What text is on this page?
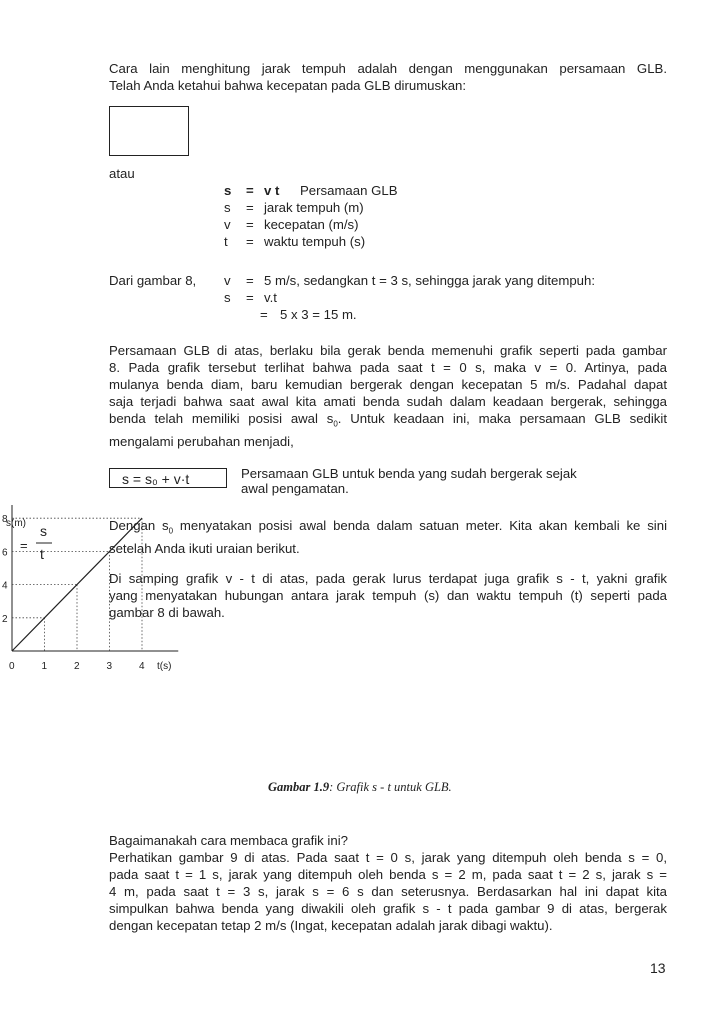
Cara lain menghitung jarak tempuh adalah dengan menggunakan persamaan GLB.
Telah Anda ketahui bahwa kecepatan pada GLB dirumuskan:
atau
s = v t Persamaan GLB
s = jarak tempuh (m)
v = kecepatan (m/s)
t = waktu tempuh (s)
Dari gambar 8, v = 5 m/s, sedangkan t = 3 s, sehingga jarak yang ditempuh:
s = v.t
= 5 x 3 = 15 m.
Persamaan GLB di atas, berlaku bila gerak benda memenuhi grafik seperti pada gambar
8. Pada grafik tersebut terlihat bahwa pada saat t = 0 s, maka v = 0. Artinya, pada
mulanya benda diam, baru kemudian bergerak dengan kecepatan 5 m/s. Padahal dapat
saja terjadi bahwa saat awal kita amati benda sudah dalam keadaan bergerak, sehingga
benda telah memiliki posisi awal $s_0$. Untuk keadaan ini, maka persamaan GLB sedikit
mengalami perubahan menjadi,
s = s₀ + v·t	Persamaan GLB untuk benda yang sudah bergerak sejak
awal pengamatan.
2
4
6
8
0	1	2	3	4
s(m)
t(s)
s
=
t
Dengan $s_0$ menyatakan posisi awal benda dalam satuan meter. Kita akan kembali ke sini
setelah Anda ikuti uraian berikut.
Di samping grafik v - t di atas, pada gerak lurus terdapat juga grafik s - t, yakni grafik
yang menyatakan hubungan antara jarak tempuh (s) dan waktu tempuh (t) seperti pada
gambar 8 di bawah.
Gambar 1.9: Grafik s - t untuk GLB.
Bagaimanakah cara membaca grafik ini?
Perhatikan gambar 9 di atas. Pada saat t = 0 s, jarak yang ditempuh oleh benda s = 0,
pada saat t = 1 s, jarak yang ditempuh oleh benda s = 2 m, pada saat t = 2 s, jarak s =
4 m, pada saat t = 3 s, jarak s = 6 s dan seterusnya. Berdasarkan hal ini dapat kita
simpulkan bahwa benda yang diwakili oleh grafik s - t pada gambar 9 di atas, bergerak
dengan kecepatan tetap 2 m/s (Ingat, kecepatan adalah jarak dibagi waktu).
13
